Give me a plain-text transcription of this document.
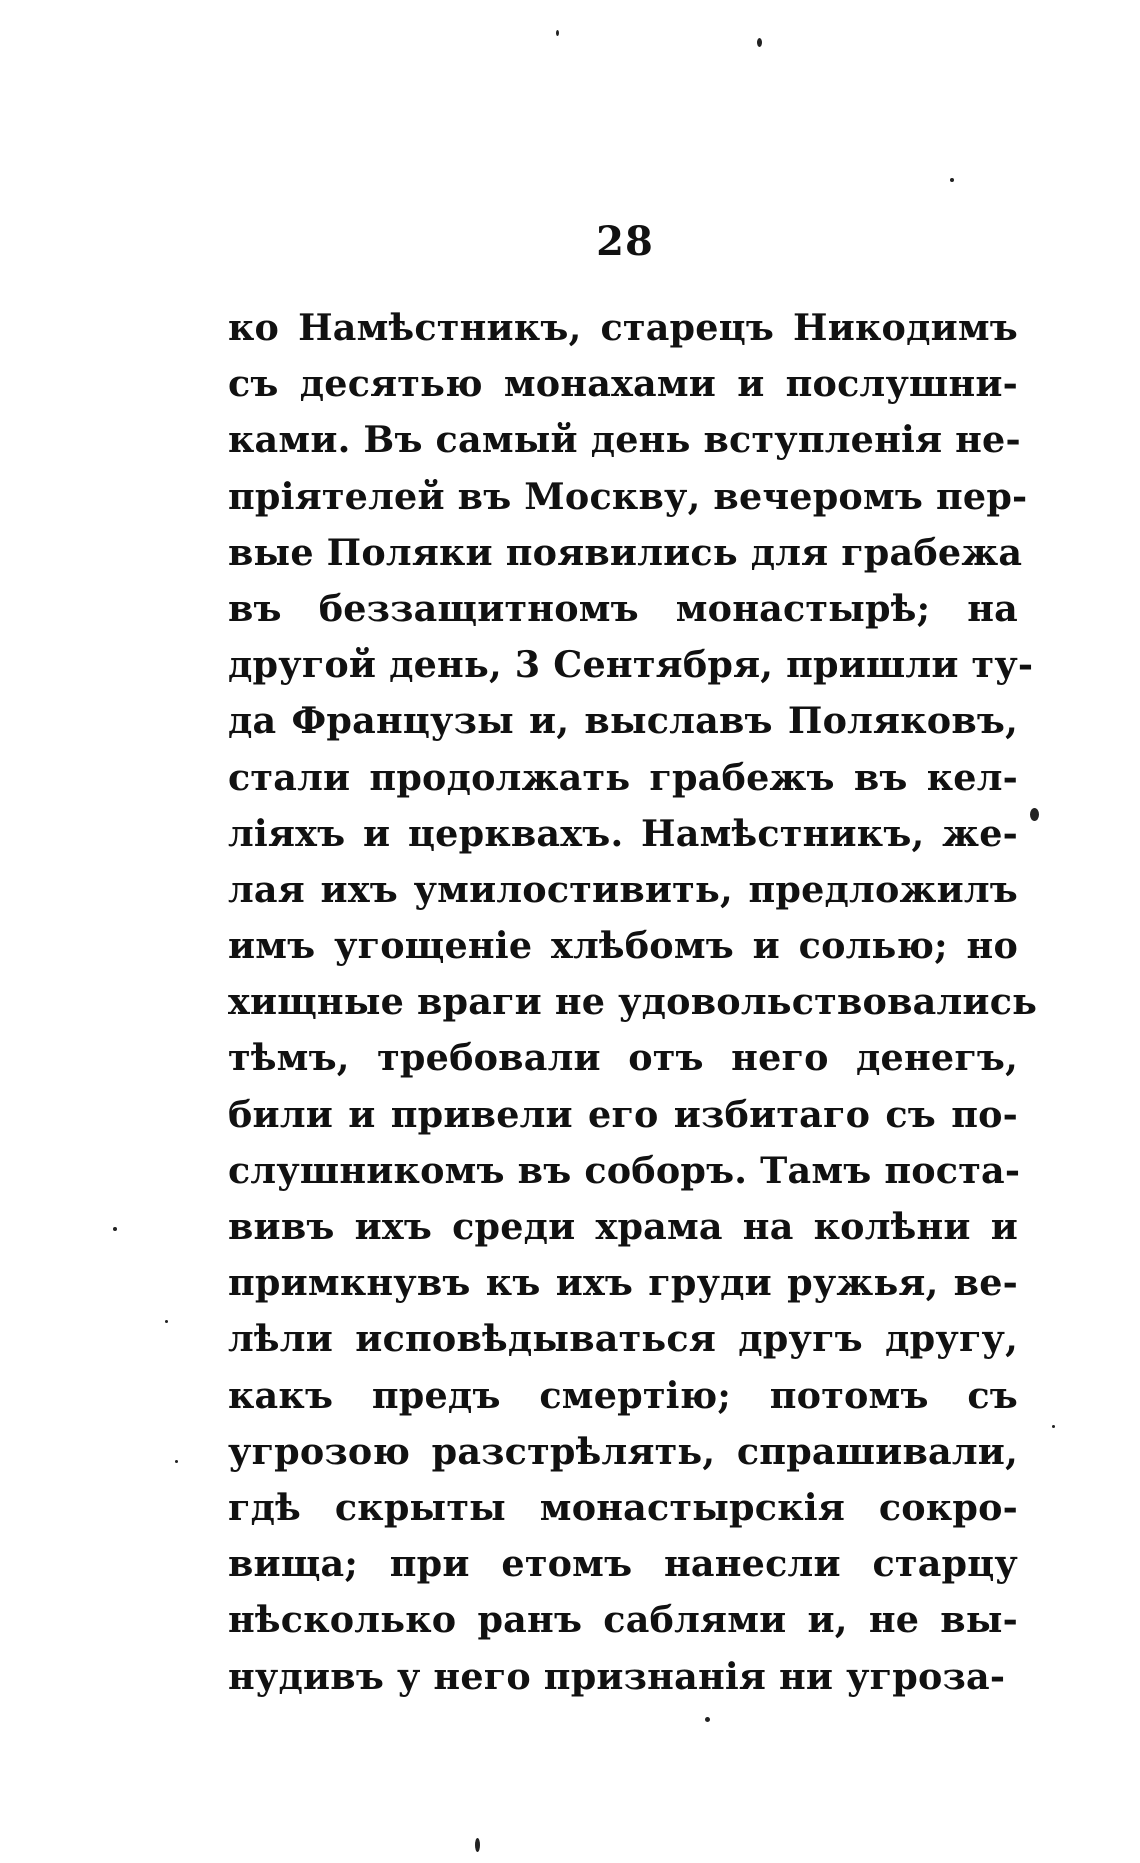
28
ко Намѣстникъ, старецъ Никодимъ
съ десятью монахами и послушни-
ками. Въ самый день вступленія не-
пріятелей въ Москву, вечеромъ пер-
вые Поляки появились для грабежа
въ беззащитномъ монастырѣ; на
другой день, 3 Сентября, пришли ту-
да Французы и, выславъ Поляковъ,
стали продолжать грабежъ въ кел-
ліяхъ и церквахъ. Намѣстникъ, же-
лая ихъ умилостивить, предложилъ
имъ угощеніе хлѣбомъ и солью; но
хищные враги не удовольствовались
тѣмъ, требовали отъ него денегъ,
били и привели его избитаго съ по-
слушникомъ въ соборъ. Тамъ поста-
вивъ ихъ среди храма на колѣни и
примкнувъ къ ихъ груди ружья, ве-
лѣли исповѣдываться другъ другу,
какъ предъ смертію; потомъ съ
угрозою разстрѣлять, спрашивали,
гдѣ скрыты монастырскія сокро-
вища; при етомъ нанесли старцу
нѣсколько ранъ саблями и, не вы-
нудивъ у него признанія ни угроза-
